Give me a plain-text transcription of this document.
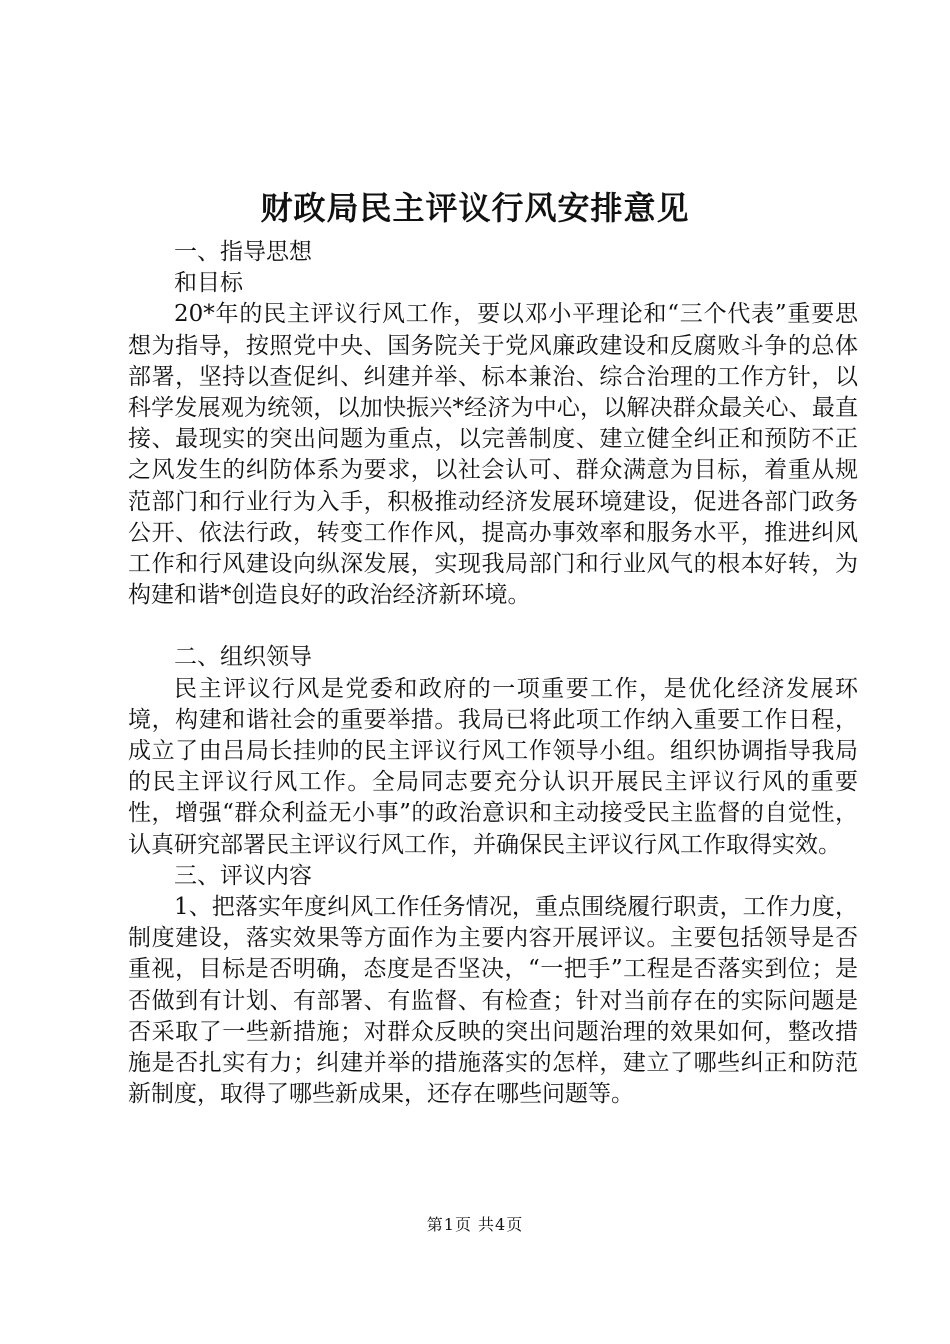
财政局民主评议行风安排意见

一、指导思想

和目标

20*年的民主评议行风工作，要以邓小平理论和“三个代表”重要思想为指导，按照党中央、国务院关于党风廉政建设和反腐败斗争的总体部署，坚持以查促纠、纠建并举、标本兼治、综合治理的工作方针，以科学发展观为统领，以加快振兴*经济为中心，以解决群众最关心、最直接、最现实的突出问题为重点，以完善制度、建立健全纠正和预防不正之风发生的纠防体系为要求，以社会认可、群众满意为目标，着重从规范部门和行业行为入手，积极推动经济发展环境建设，促进各部门政务公开、依法行政，转变工作作风，提高办事效率和服务水平，推进纠风工作和行风建设向纵深发展，实现我局部门和行业风气的根本好转，为构建和谐*创造良好的政治经济新环境。

二、组织领导

民主评议行风是党委和政府的一项重要工作，是优化经济发展环境，构建和谐社会的重要举措。我局已将此项工作纳入重要工作日程，成立了由吕局长挂帅的民主评议行风工作领导小组。组织协调指导我局的民主评议行风工作。全局同志要充分认识开展民主评议行风的重要性，增强“群众利益无小事”的政治意识和主动接受民主监督的自觉性，认真研究部署民主评议行风工作，并确保民主评议行风工作取得实效。

三、评议内容

1、把落实年度纠风工作任务情况，重点围绕履行职责，工作力度，制度建设，落实效果等方面作为主要内容开展评议。主要包括领导是否重视，目标是否明确，态度是否坚决，“一把手”工程是否落实到位；是否做到有计划、有部署、有监督、有检查；针对当前存在的实际问题是否采取了一些新措施；对群众反映的突出问题治理的效果如何，整改措施是否扎实有力；纠建并举的措施落实的怎样，建立了哪些纠正和防范新制度，取得了哪些新成果，还存在哪些问题等。

第1页 共4页
